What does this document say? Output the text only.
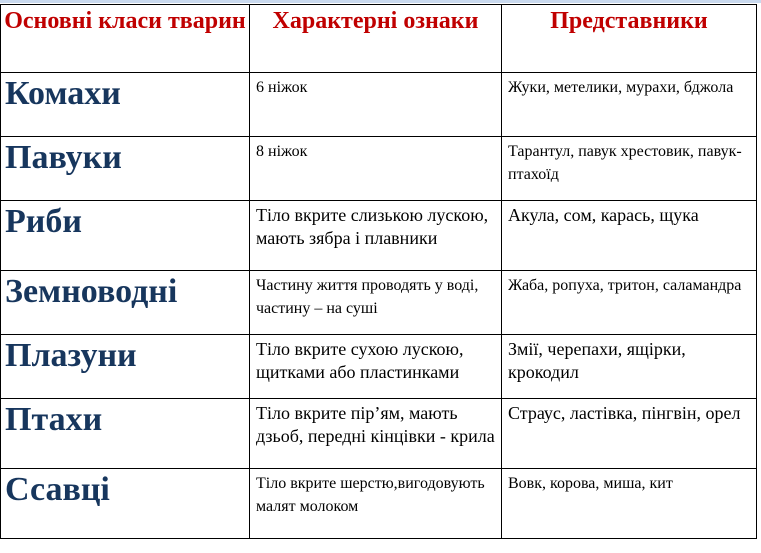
Основні класи тварин	Характерні ознаки	Представники
Комахи	6 ніжок	Жуки, метелики, мурахи, бджола
Павуки	8 ніжок	Тарантул, павук хрестовик, павук-птахоїд
Риби	Тіло вкрите слизькою лускою, мають зябра і плавники	Акула, сом, карась, щука
Земноводні	Частину життя проводять у воді, частину – на суші	Жаба, ропуха, тритон, саламандра
Плазуни	Тіло вкрите сухою лускою, щитками або пластинками	Змії, черепахи, ящірки, крокодил
Птахи	Тіло вкрите пір’ям, мають дзьоб, передні кінцівки - крила	Страус, ластівка, пінгвін, орел
Ссавці	Тіло вкрите шерстю,вигодовують малят молоком	Вовк, корова, миша, кит
